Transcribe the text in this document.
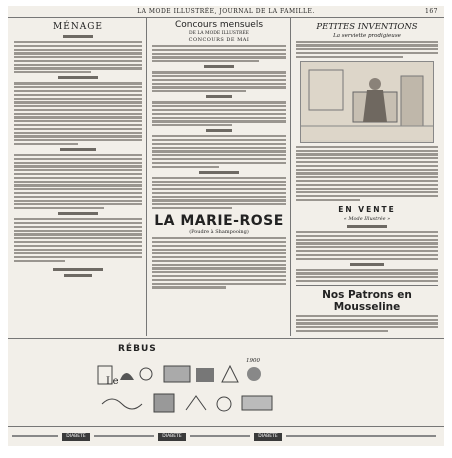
LA MODE ILLUSTRÉE, JOURNAL DE LA FAMILLE.	167
MÉNAGE	Concours mensuels
DE LA MODE ILLUSTRÉE
CONCOURS DE MAI
LA MARIE-ROSE
(Poudre à Shampooing)
PETITES INVENTIONS
La serviette prodigieuse
EN VENTE
« Mode Illustrée »
Nos Patrons en Mousseline
RÉBUS
Le
1900
DIABETE	DIABETE	DIABETE
